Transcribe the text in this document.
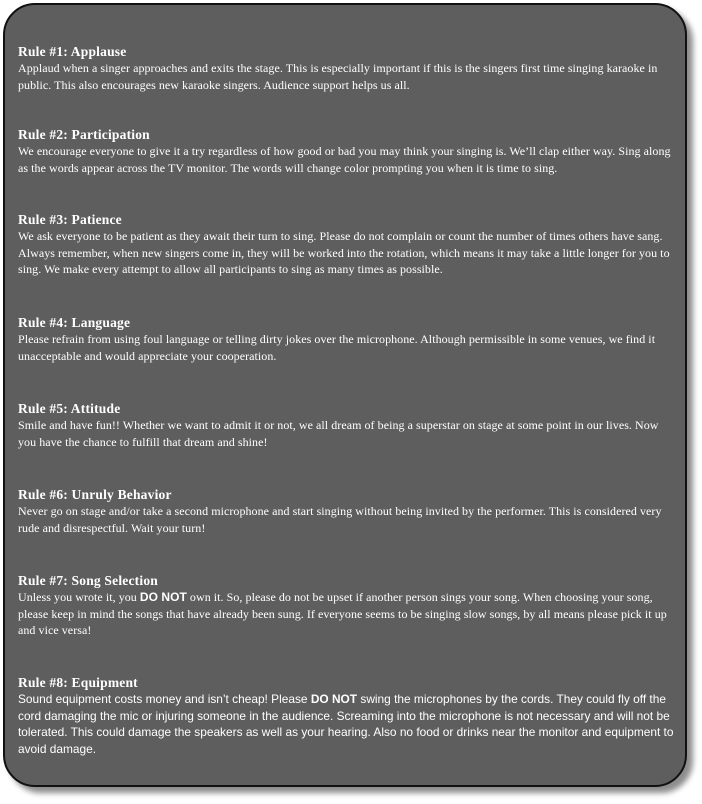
Rule #1: Applause
Applaud when a singer approaches and exits the stage. This is especially important if this is the singers first time singing karaoke in public. This also encourages new karaoke singers. Audience support helps us all.
Rule #2: Participation
We encourage everyone to give it a try regardless of how good or bad you may think your singing is. We’ll clap either way. Sing along as the words appear across the TV monitor. The words will change color prompting you when it is time to sing.
Rule #3: Patience
We ask everyone to be patient as they await their turn to sing. Please do not complain or count the number of times others have sang. Always remember, when new singers come in, they will be worked into the rotation, which means it may take a little longer for you to sing. We make every attempt to allow all participants to sing as many times as possible.
Rule #4: Language
Please refrain from using foul language or telling dirty jokes over the microphone. Although permissible in some venues, we find it unacceptable and would appreciate your cooperation.
Rule #5: Attitude
Smile and have fun!! Whether we want to admit it or not, we all dream of being a superstar on stage at some point in our lives. Now you have the chance to fulfill that dream and shine!
Rule #6: Unruly Behavior
Never go on stage and/or take a second microphone and start singing without being invited by the performer. This is considered very rude and disrespectful. Wait your turn!
Rule #7: Song Selection
Unless you wrote it, you DO NOT own it. So, please do not be upset if another person sings your song. When choosing your song, please keep in mind the songs that have already been sung. If everyone seems to be singing slow songs, by all means please pick it up and vice versa!
Rule #8: Equipment
Sound equipment costs money and isn’t cheap! Please DO NOT swing the microphones by the cords. They could fly off the cord damaging the mic or injuring someone in the audience. Screaming into the microphone is not necessary and will not be tolerated. This could damage the speakers as well as your hearing. Also no food or drinks near the monitor and equipment to avoid damage.
